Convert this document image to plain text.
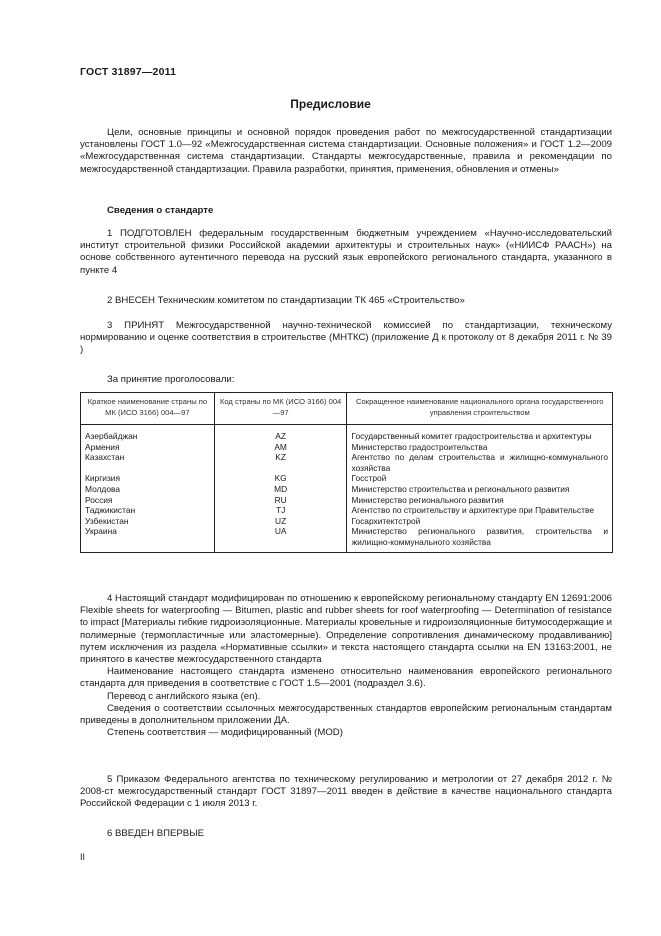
ГОСТ 31897—2011
Предисловие
Цели, основные принципы и основной порядок проведения работ по межгосударственной стандартизации установлены ГОСТ 1.0—92 «Межгосударственная система стандартизации. Основные положения» и ГОСТ 1.2—2009 «Межгосударственная система стандартизации. Стандарты межгосударственные, правила и рекомендации по межгосударственной стандартизации. Правила разработки, принятия, применения, обновления и отмены»
Сведения о стандарте
1 ПОДГОТОВЛЕН федеральным государственным бюджетным учреждением «Научно-исследовательский институт строительной физики Российской академии архитектуры и строительных наук» («НИИСФ РААСН») на основе собственного аутентичного перевода на русский язык европейского регионального стандарта, указанного в пункте 4
2 ВНЕСЕН Техническим комитетом по стандартизации ТК 465 «Строительство»
3 ПРИНЯТ Межгосударственной научно-технической комиссией по стандартизации, техническому нормированию и оценке соответствия в строительстве (МНТКС) (приложение Д к протоколу от 8 декабря 2011 г. № 39 )
За принятие проголосовали:
Краткое наименование страны по МК (ИСО 3166) 004—97	Код страны по МК (ИСО 3166) 004—97	Сокращенное наименование национального органа государственного управления строительством
Азербайджан	AZ	Государственный комитет градостроительства и архитектуры
Армения	AM	Министерство градостроительства
Казахстан	KZ	Агентство по делам строительства и жилищно-коммунального хозяйства
Киргизия	KG	Госстрой
Молдова	MD	Министерство строительства и регионального развития
Россия	RU	Министерство регионального развития
Таджикистан	TJ	Агентство по строительству и архитектуре при Правительстве
Узбекистан	UZ	Госархитектстрой
Украина	UA	Министерство регионального развития, строительства и жилищно-коммунального хозяйства
4 Настоящий стандарт модифицирован по отношению к европейскому региональному стандарту EN 12691:2006 Flexible sheets for waterproofing — Bitumen, plastic and rubber sheets for roof waterproofing — Determination of resistance to impact [Материалы гибкие гидроизоляционные. Материалы кровельные и гидроизоляционные битумосодержащие и полимерные (термопластичные или эластомерные). Определение сопротивления динамическому продавливанию] путем исключения из раздела «Нормативные ссылки» и текста настоящего стандарта ссылки на EN 13163:2001, не принятого в качестве межгосударственного стандарта
Наименование настоящего стандарта изменено относительно наименования европейского регионального стандарта для приведения в соответствие с ГОСТ 1.5—2001 (подраздел 3.6).
Перевод с английского языка (en).
Сведения о соответствии ссылочных межгосударственных стандартов европейским региональным стандартам приведены в дополнительном приложении ДА.
Степень соответствия — модифицированный (MOD)
5 Приказом Федерального агентства по техническому регулированию и метрологии от 27 декабря 2012 г. № 2008-ст межгосударственный стандарт ГОСТ 31897—2011 введен в действие в качестве национального стандарта Российской Федерации с 1 июля 2013 г.
6 ВВЕДЕН ВПЕРВЫЕ
II
